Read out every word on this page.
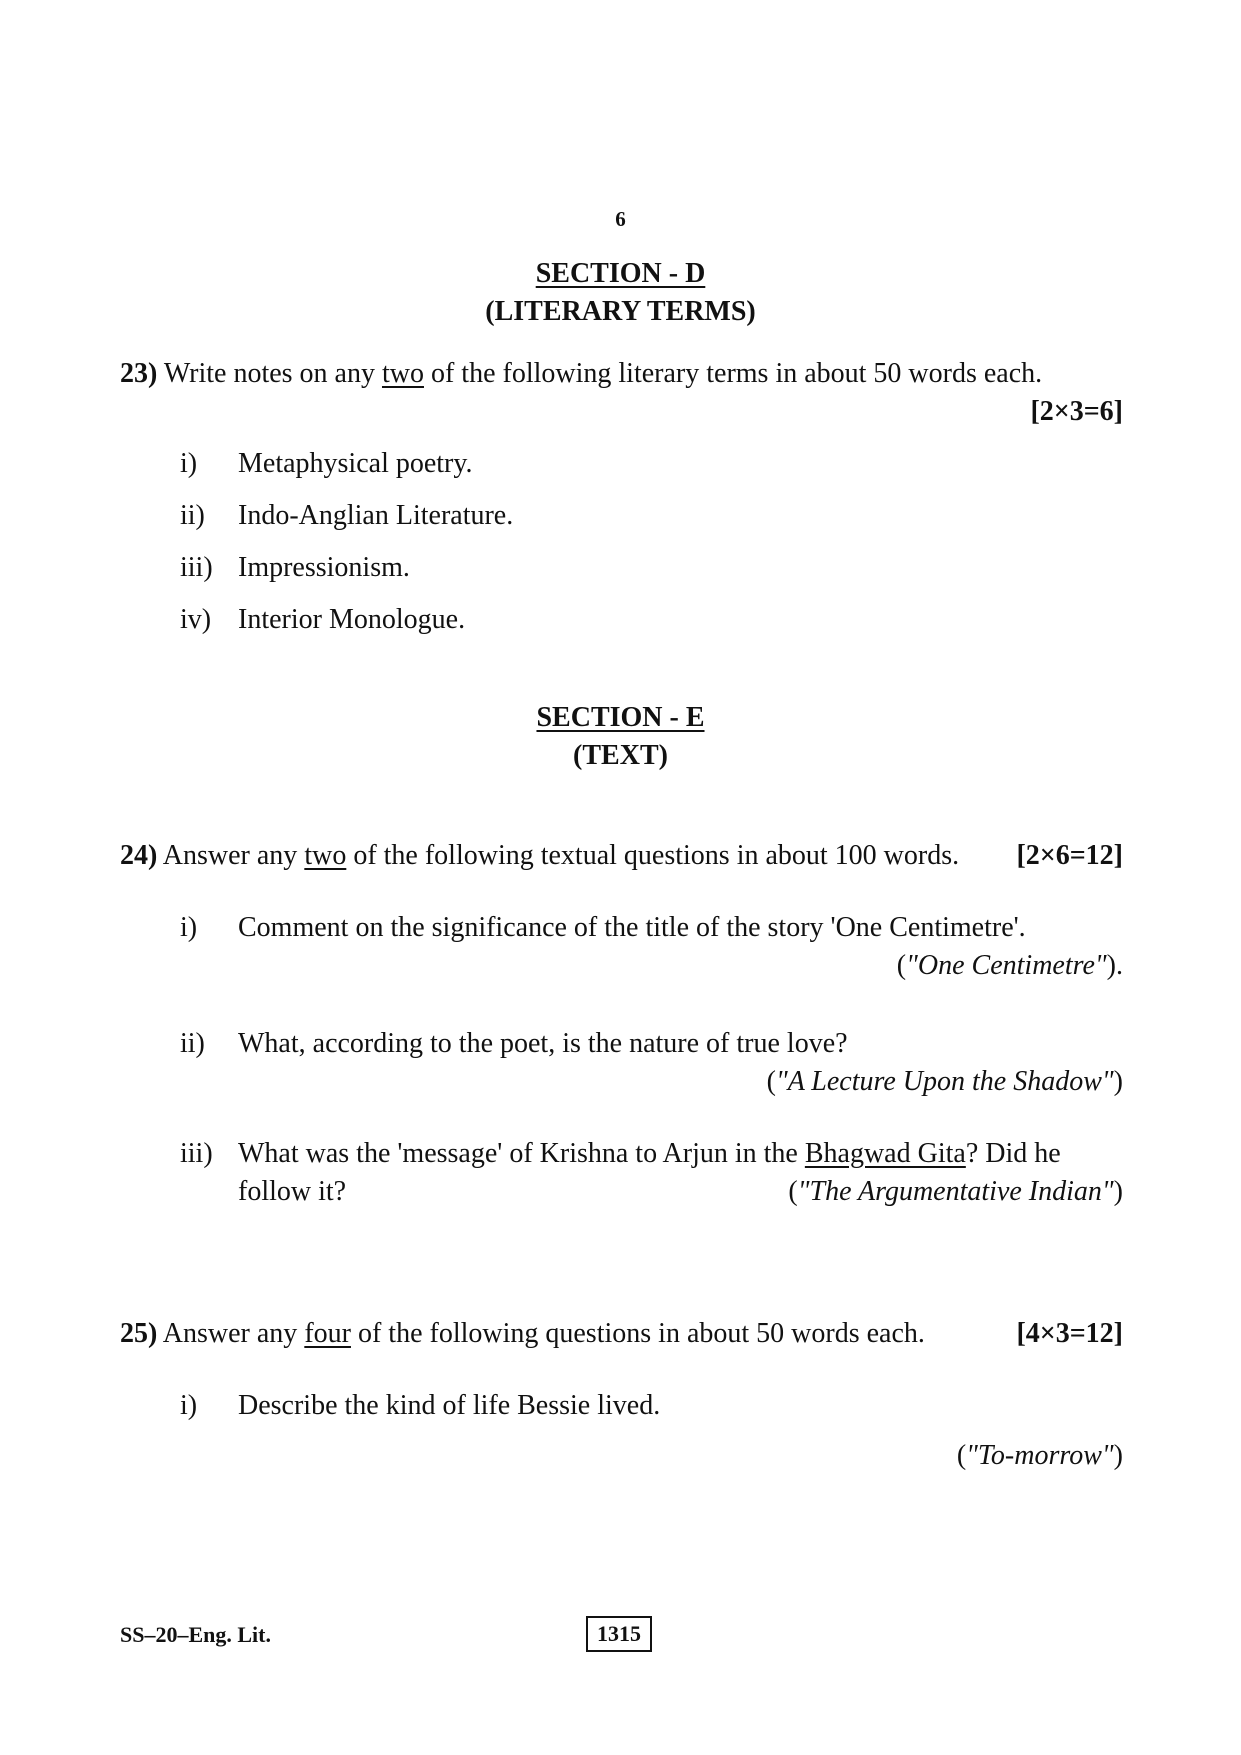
6
SECTION - D
(LITERARY TERMS)
23) Write notes on any two of the following literary terms in about 50 words each.
[2×3=6]
i) Metaphysical poetry.
ii) Indo-Anglian Literature.
iii) Impressionism.
iv) Interior Monologue.
SECTION - E
(TEXT)
24) Answer any two of the following textual questions in about 100 words.	[2×6=12]
i) Comment on the significance of the title of the story 'One Centimetre'.
("One Centimetre").
ii) What, according to the poet, is the nature of true love?
("A Lecture Upon the Shadow")
iii) What was the 'message' of Krishna to Arjun in the Bhagwad Gita? Did he
follow it?	("The Argumentative Indian")
25) Answer any four of the following questions in about 50 words each.	[4×3=12]
i) Describe the kind of life Bessie lived.
("To-morrow")
SS–20–Eng. Lit.	1315
